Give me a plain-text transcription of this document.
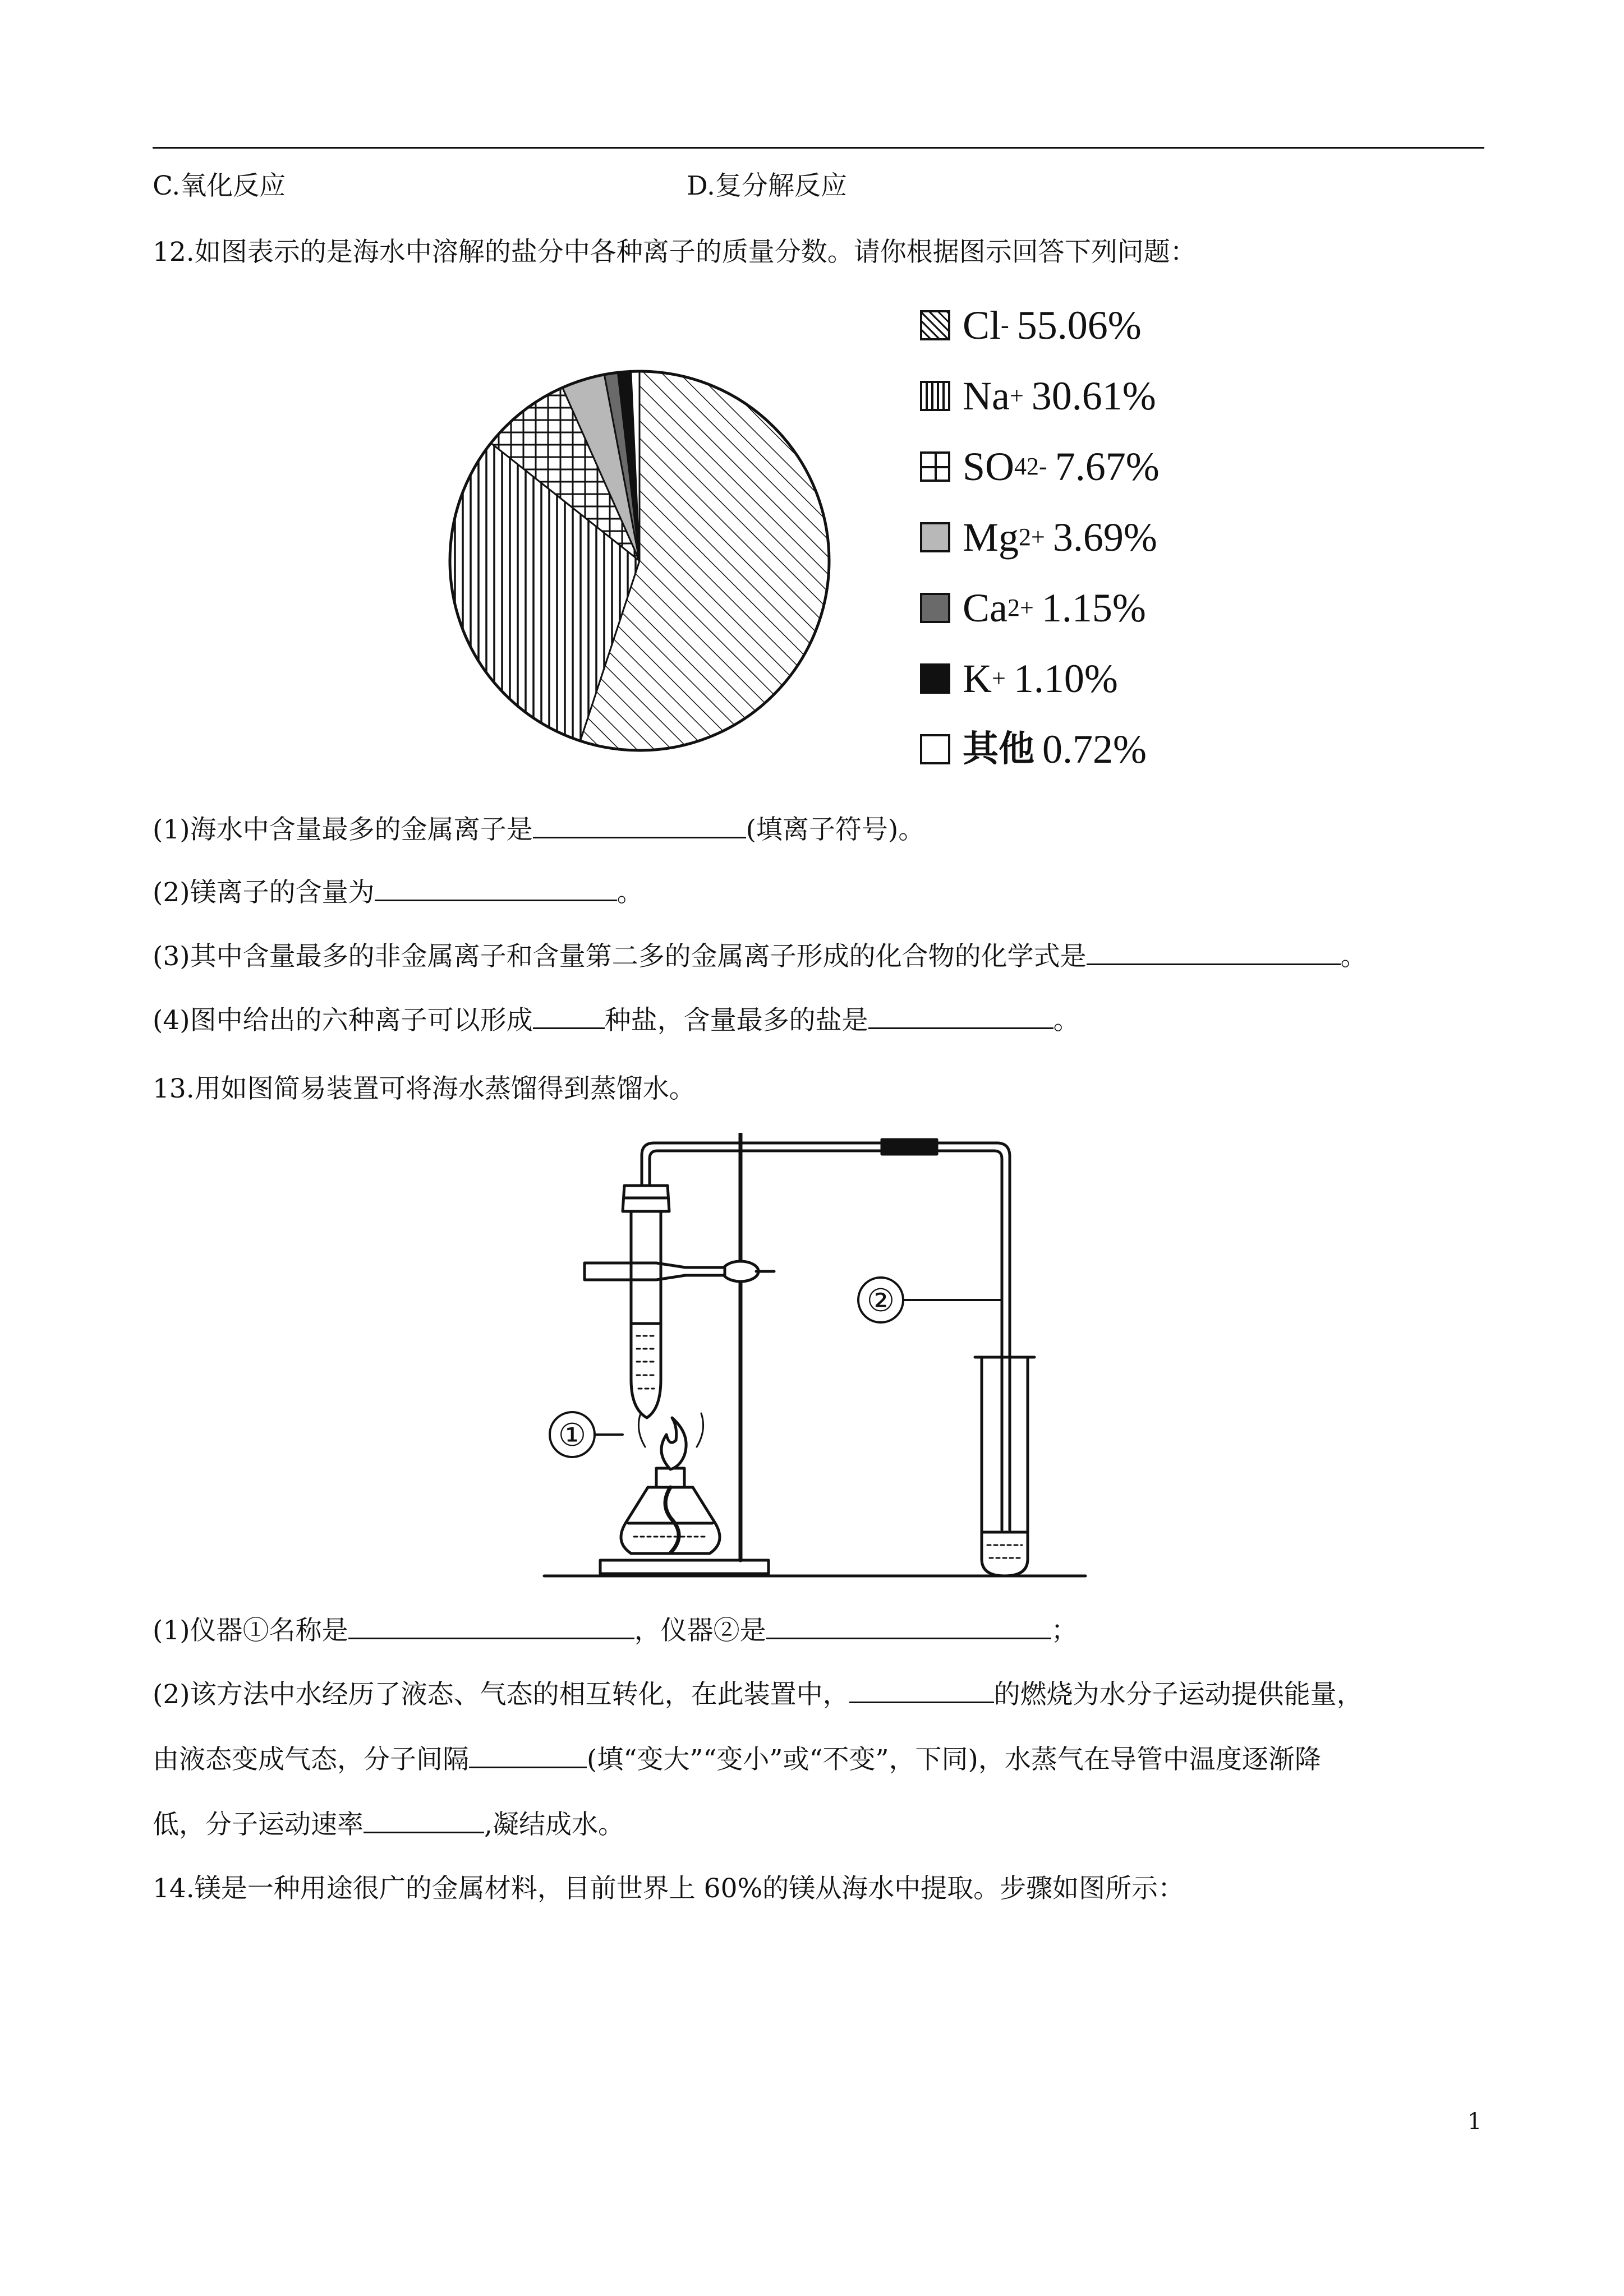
C.氧化反应	D.复分解反应
12.如图表示的是海水中溶解的盐分中各种离子的质量分数。请你根据图示回答下列问题：
Cl - 55.06%
Na + 30.61%
SO 4 2- 7.67%
Mg 2+ 3.69%
Ca 2+ 1.15%
K + 1.10%
其他 0.72%
(1)海水中含量最多的金属离子是	(填离子符号)。
(2)镁离子的含量为	。
(3)其中含量最多的非金属离子和含量第二多的金属离子形成的化合物的化学式是	。
(4)图中给出的六种离子可以形成	种盐，含量最多的盐是	。
13.用如图简易装置可将海水蒸馏得到蒸馏水。
①
②
(1)仪器①名称是	，仪器②是	；
(2)该方法中水经历了液态、气态的相互转化，在此装置中，	的燃烧为水分子运动提供能量，
由液态变成气态，分子间隔	(填“变大”“变小”或“不变”，下同)，水蒸气在导管中温度逐渐降
低，分子运动速率	,凝结成水。
14.镁是一种用途很广的金属材料，目前世界上 60%的镁从海水中提取。步骤如图所示：
1
